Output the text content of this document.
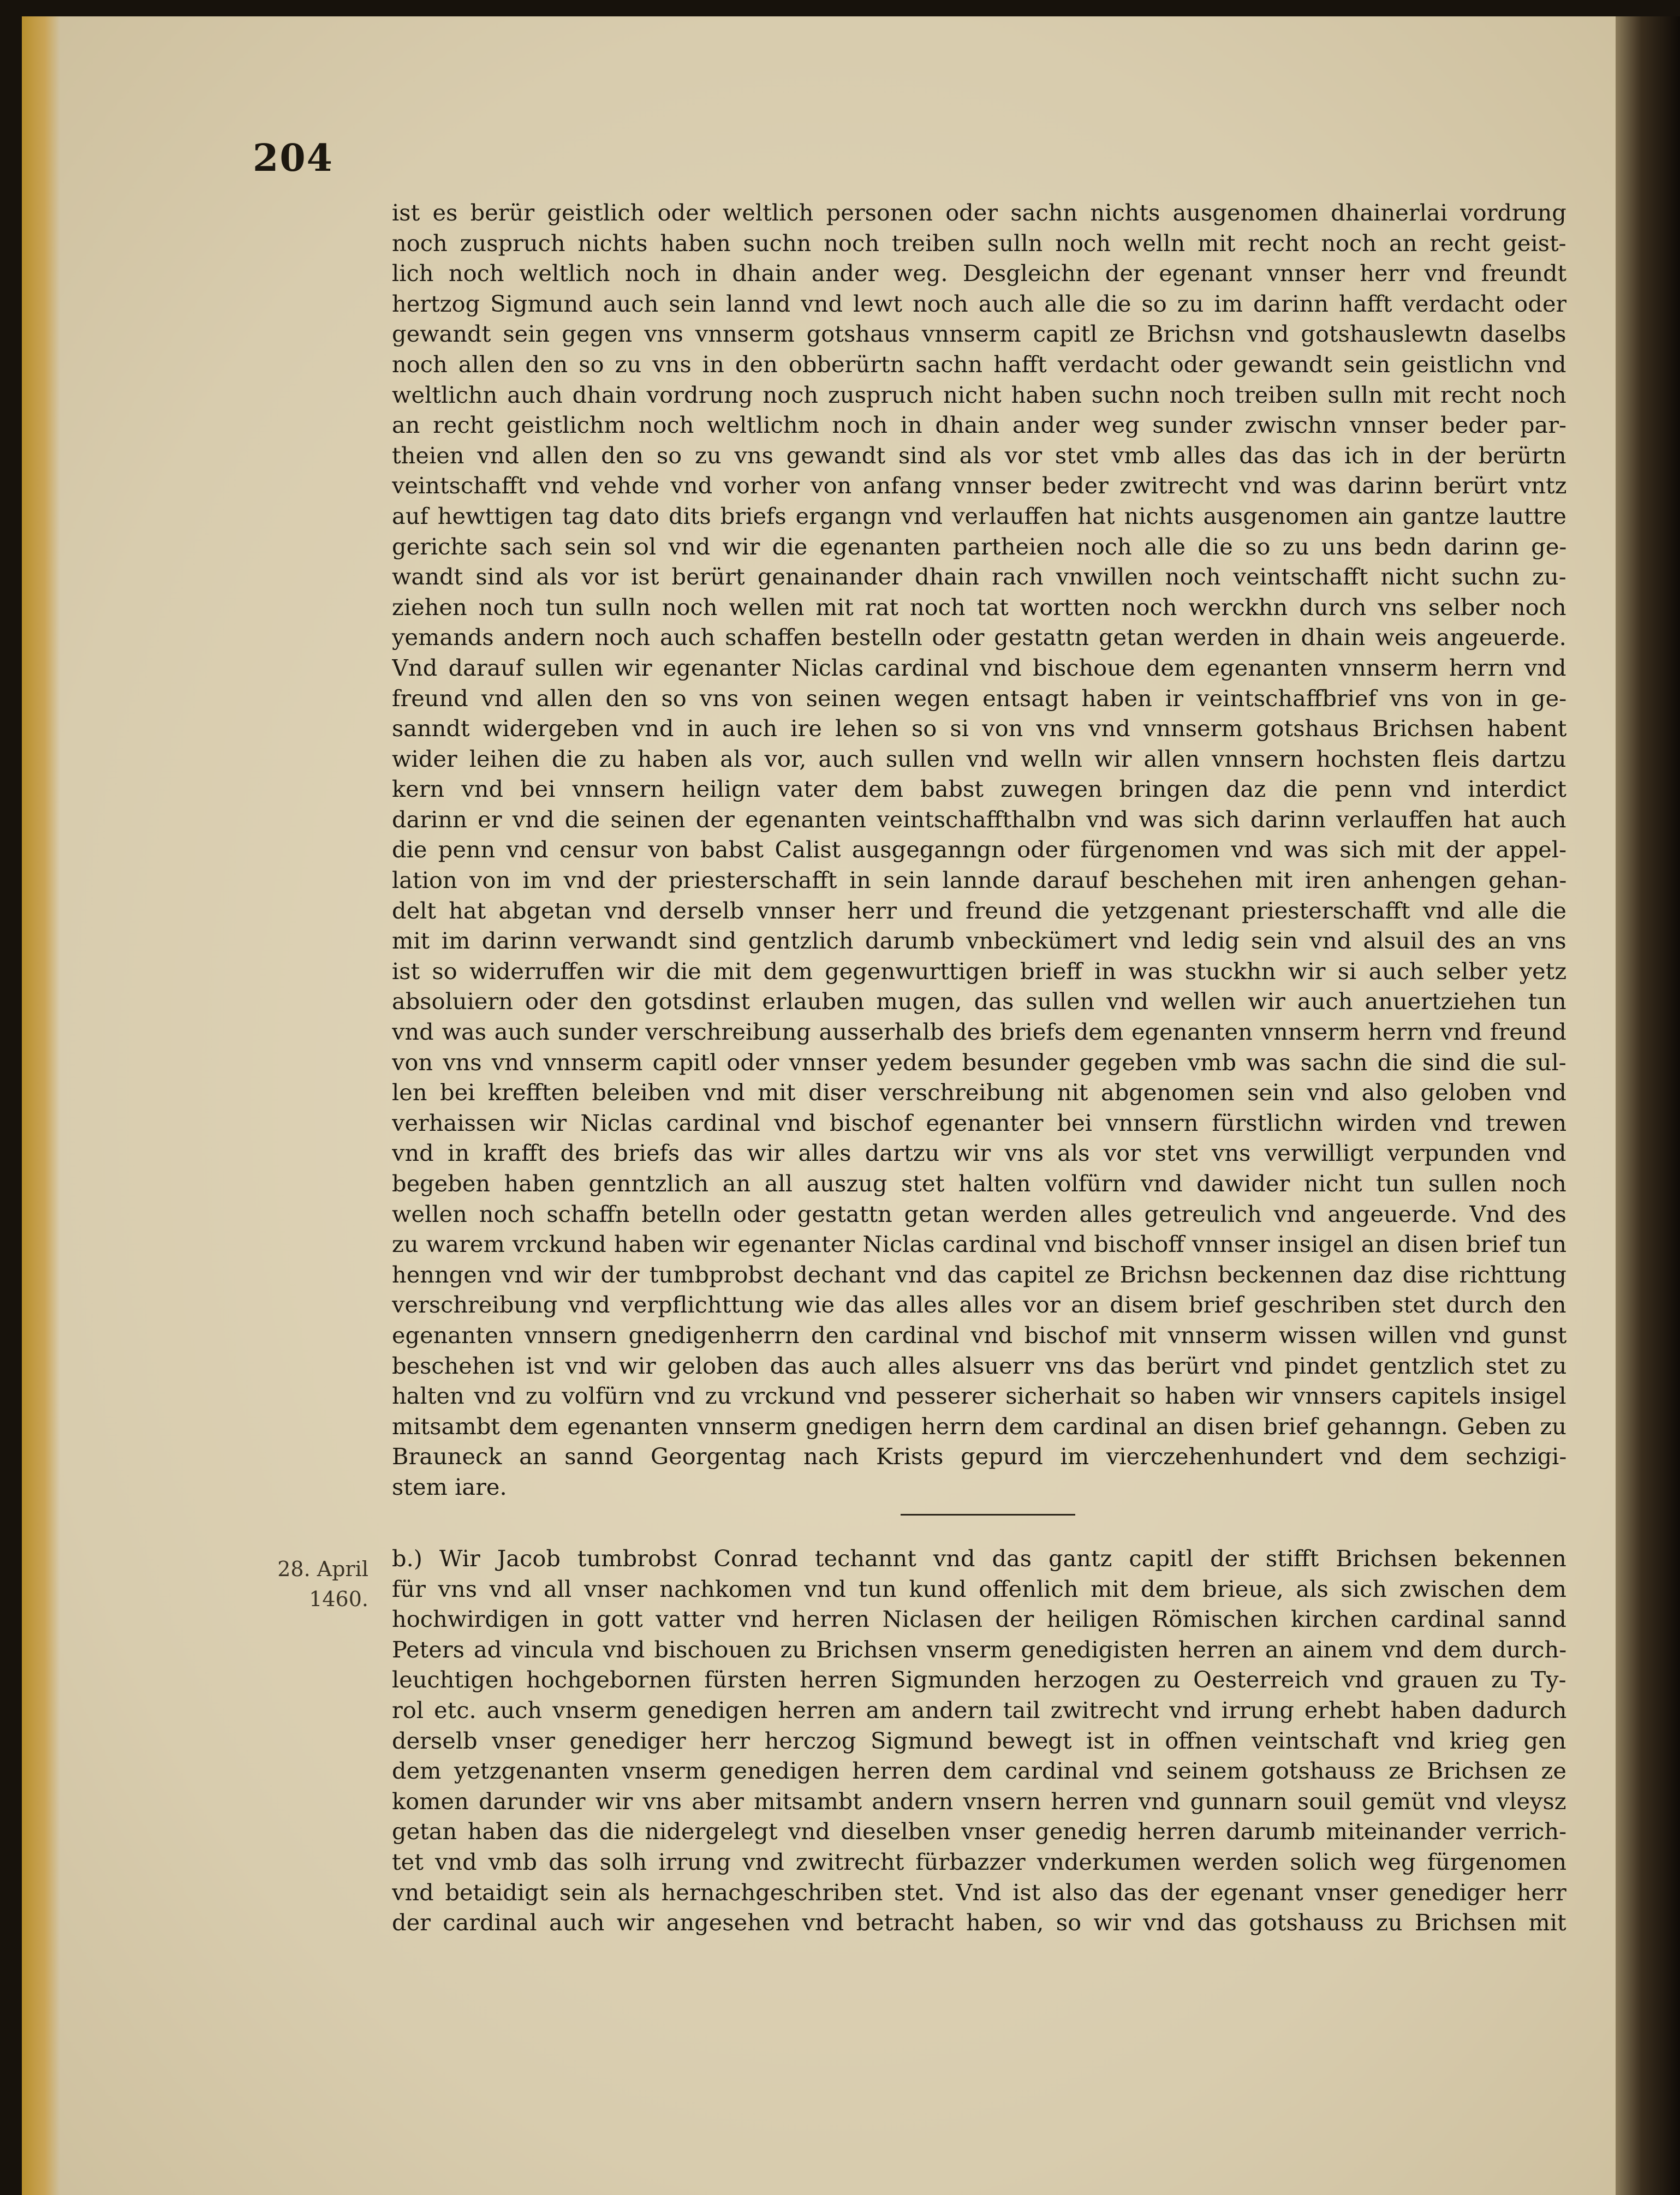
204
ist es berür geistlich oder weltlich personen oder sachn nichts ausgenomen dhainerlai vordrung
noch zuspruch nichts haben suchn noch treiben sulln noch welln mit recht noch an recht geist-
lich noch weltlich noch in dhain ander weg. Desgleichn der egenant vnnser herr vnd freundt
hertzog Sigmund auch sein lannd vnd lewt noch auch alle die so zu im darinn hafft verdacht oder
gewandt sein gegen vns vnnserm gotshaus vnnserm capitl ze Brichsn vnd gotshauslewtn daselbs
noch allen den so zu vns in den obberürtn sachn hafft verdacht oder gewandt sein geistlichn vnd
weltlichn auch dhain vordrung noch zuspruch nicht haben suchn noch treiben sulln mit recht noch
an recht geistlichm noch weltlichm noch in dhain ander weg sunder zwischn vnnser beder par-
theien vnd allen den so zu vns gewandt sind als vor stet vmb alles das das ich in der berürtn
veintschafft vnd vehde vnd vorher von anfang vnnser beder zwitrecht vnd was darinn berürt vntz
auf hewttigen tag dato dits briefs ergangn vnd verlauffen hat nichts ausgenomen ain gantze lauttre
gerichte sach sein sol vnd wir die egenanten partheien noch alle die so zu uns bedn darinn ge-
wandt sind als vor ist berürt genainander dhain rach vnwillen noch veintschafft nicht suchn zu-
ziehen noch tun sulln noch wellen mit rat noch tat wortten noch werckhn durch vns selber noch
yemands andern noch auch schaffen bestelln oder gestattn getan werden in dhain weis angeuerde.
Vnd darauf sullen wir egenanter Niclas cardinal vnd bischoue dem egenanten vnnserm herrn vnd
freund vnd allen den so vns von seinen wegen entsagt haben ir veintschaffbrief vns von in ge-
sanndt widergeben vnd in auch ire lehen so si von vns vnd vnnserm gotshaus Brichsen habent
wider leihen die zu haben als vor, auch sullen vnd welln wir allen vnnsern hochsten fleis dartzu
kern vnd bei vnnsern heilign vater dem babst zuwegen bringen daz die penn vnd interdict
darinn er vnd die seinen der egenanten veintschaffthalbn vnd was sich darinn verlauffen hat auch
die penn vnd censur von babst Calist ausgeganngn oder fürgenomen vnd was sich mit der appel-
lation von im vnd der priesterschafft in sein lannde darauf beschehen mit iren anhengen gehan-
delt hat abgetan vnd derselb vnnser herr und freund die yetzgenant priesterschafft vnd alle die
mit im darinn verwandt sind gentzlich darumb vnbeckümert vnd ledig sein vnd alsuil des an vns
ist so widerruffen wir die mit dem gegenwurttigen brieff in was stuckhn wir si auch selber yetz
absoluiern oder den gotsdinst erlauben mugen, das sullen vnd wellen wir auch anuertziehen tun
vnd was auch sunder verschreibung ausserhalb des briefs dem egenanten vnnserm herrn vnd freund
von vns vnd vnnserm capitl oder vnnser yedem besunder gegeben vmb was sachn die sind die sul-
len bei krefften beleiben vnd mit diser verschreibung nit abgenomen sein vnd also geloben vnd
verhaissen wir Niclas cardinal vnd bischof egenanter bei vnnsern fürstlichn wirden vnd trewen
vnd in krafft des briefs das wir alles dartzu wir vns als vor stet vns verwilligt verpunden vnd
begeben haben genntzlich an all auszug stet halten volfürn vnd dawider nicht tun sullen noch
wellen noch schaffn betelln oder gestattn getan werden alles getreulich vnd angeuerde. Vnd des
zu warem vrckund haben wir egenanter Niclas cardinal vnd bischoff vnnser insigel an disen brief tun
henngen vnd wir der tumbprobst dechant vnd das capitel ze Brichsn beckennen daz dise richttung
verschreibung vnd verpflichttung wie das alles alles vor an disem brief geschriben stet durch den
egenanten vnnsern gnedigenherrn den cardinal vnd bischof mit vnnserm wissen willen vnd gunst
beschehen ist vnd wir geloben das auch alles alsuerr vns das berürt vnd pindet gentzlich stet zu
halten vnd zu volfürn vnd zu vrckund vnd pesserer sicherhait so haben wir vnnsers capitels insigel
mitsambt dem egenanten vnnserm gnedigen herrn dem cardinal an disen brief gehanngn. Geben zu
Brauneck an sannd Georgentag nach Krists gepurd im vierczehenhundert vnd dem sechzigi-
stem iare.
28. April
1460.
b.) Wir Jacob tumbrobst Conrad techannt vnd das gantz capitl der stifft Brichsen bekennen
für vns vnd all vnser nachkomen vnd tun kund offenlich mit dem brieue, als sich zwischen dem
hochwirdigen in gott vatter vnd herren Niclasen der heiligen Römischen kirchen cardinal sannd
Peters ad vincula vnd bischouen zu Brichsen vnserm genedigisten herren an ainem vnd dem durch-
leuchtigen hochgebornen fürsten herren Sigmunden herzogen zu Oesterreich vnd grauen zu Ty-
rol etc. auch vnserm genedigen herren am andern tail zwitrecht vnd irrung erhebt haben dadurch
derselb vnser genediger herr herczog Sigmund bewegt ist in offnen veintschaft vnd krieg gen
dem yetzgenanten vnserm genedigen herren dem cardinal vnd seinem gotshauss ze Brichsen ze
komen darunder wir vns aber mitsambt andern vnsern herren vnd gunnarn souil gemüt vnd vleysz
getan haben das die nidergelegt vnd dieselben vnser genedig herren darumb miteinander verrich-
tet vnd vmb das solh irrung vnd zwitrecht fürbazzer vnderkumen werden solich weg fürgenomen
vnd betaidigt sein als hernachgeschriben stet. Vnd ist also das der egenant vnser genediger herr
der cardinal auch wir angesehen vnd betracht haben, so wir vnd das gotshauss zu Brichsen mit
